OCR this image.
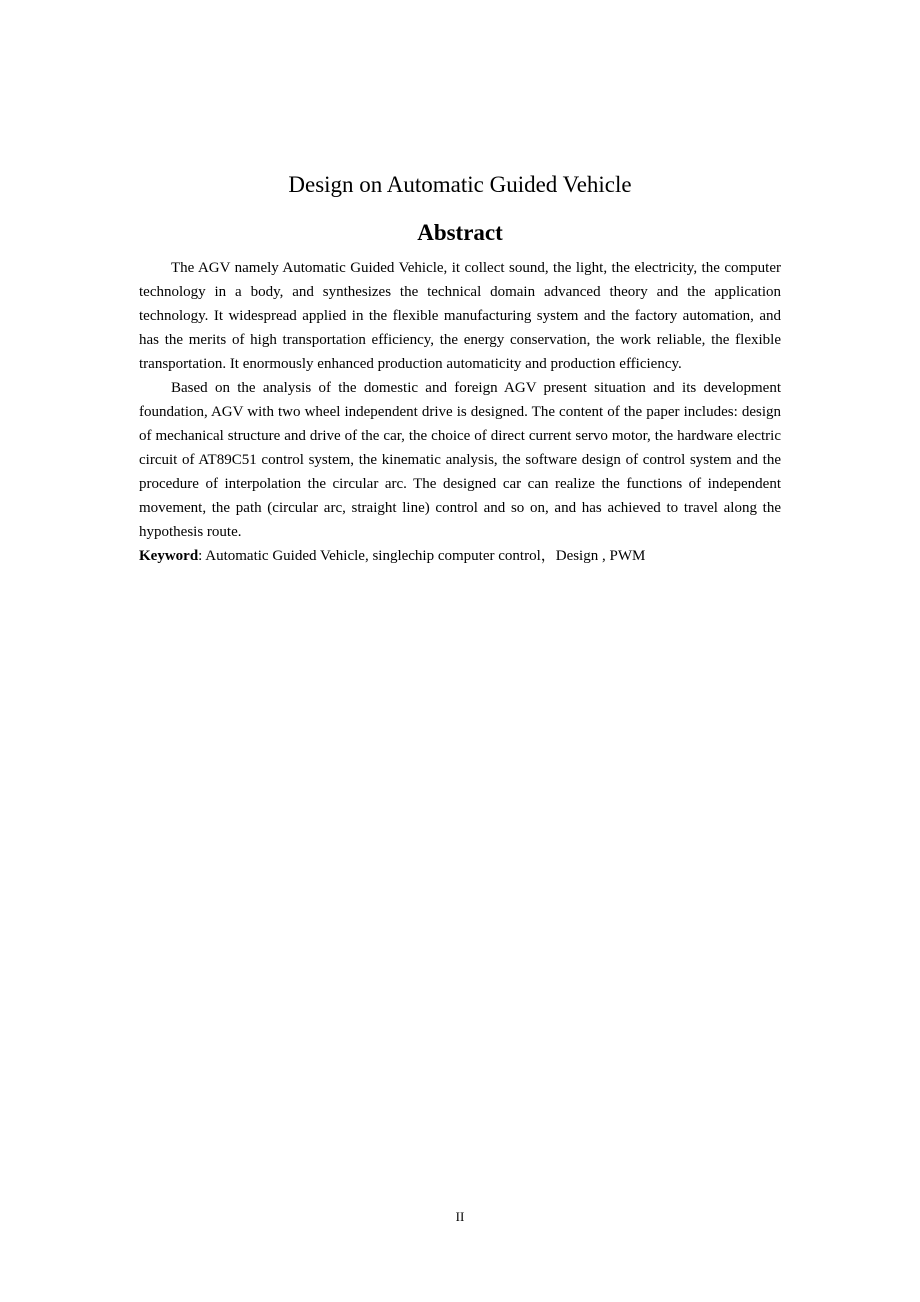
Design on Automatic Guided Vehicle
Abstract

The AGV namely Automatic Guided Vehicle, it collect sound, the light, the electricity, the computer technology in a body, and synthesizes the technical domain advanced theory and the application technology. It widespread applied in the flexible manufacturing system and the factory automation, and has the merits of high transportation efficiency, the energy conservation, the work reliable, the flexible transportation. It enormously enhanced production automaticity and production efficiency.

Based on the analysis of the domestic and foreign AGV present situation and its development foundation, AGV with two wheel independent drive is designed. The content of the paper includes: design of mechanical structure and drive of the car, the choice of direct current servo motor, the hardware electric circuit of AT89C51 control system, the kinematic analysis, the software design of control system and the procedure of interpolation the circular arc. The designed car can realize the functions of independent movement, the path (circular arc, straight line) control and so on, and has achieved to travel along the hypothesis route.

Keyword: Automatic Guided Vehicle, singlechip computer control，Design , PWM

II
